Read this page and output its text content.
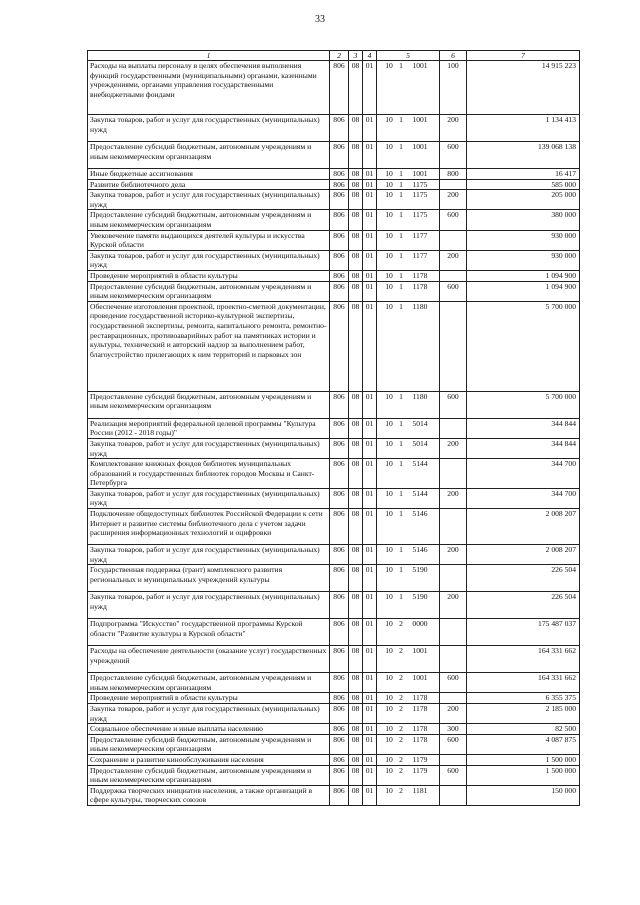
33
1	2	3	4	5	6	7
Расходы на выплаты персоналу в целях обеспечения выполнения функций государственными (муниципальными) органами, казенными учреждениями, органами управления государственными внебюджетными фондами	806	08	01	10 1 1001	100	14 915 223
Закупка товаров, работ и услуг для государственных (муниципальных) нужд	806	08	01	10 1 1001	200	1 134 413
Предоставление субсидий бюджетным, автономным учреждениям и иным некоммерческим организациям	806	08	01	10 1 1001	600	139 068 138
Иные бюджетные ассигнования	806	08	01	10 1 1001	800	16 417
Развитие библиотечного дела	806	08	01	10 1 1175		585 000
Закупка товаров, работ и услуг для государственных (муниципальных) нужд	806	08	01	10 1 1175	200	205 000
Предоставление субсидий бюджетным, автономным учреждениям и иным некоммерческим организациям	806	08	01	10 1 1175	600	380 000
Увековечение памяти выдающихся деятелей культуры и искусства Курской области	806	08	01	10 1 1177		930 000
Закупка товаров, работ и услуг для государственных (муниципальных) нужд	806	08	01	10 1 1177	200	930 000
Проведение мероприятий в области культуры	806	08	01	10 1 1178		1 094 900
Предоставление субсидий бюджетным, автономным учреждениям и иным некоммерческим организациям	806	08	01	10 1 1178	600	1 094 900
Обеспечение изготовления проектной, проектно-сметной документации, проведение государственной историко-культурной экспертизы, государственной экспертизы, ремонта, капитального ремонта, ремонтно-реставрационных, противоаварийных работ на памятниках истории и культуры, технический и авторский надзор за выполнением работ, благоустройство прилегающих к ним территорий и парковых зон	806	08	01	10 1 1180		5 700 000
Предоставление субсидий бюджетным, автономным учреждениям и иным некоммерческим организациям	806	08	01	10 1 1180	600	5 700 000
Реализация мероприятий федеральной целевой программы "Культура России (2012 - 2018 годы)"	806	08	01	10 1 5014		344 844
Закупка товаров, работ и услуг для государственных (муниципальных) нужд	806	08	01	10 1 5014	200	344 844
Комплектование книжных фондов библиотек муниципальных образований и государственных библиотек городов Москвы и Санкт-Петербурга	806	08	01	10 1 5144		344 700
Закупка товаров, работ и услуг для государственных (муниципальных) нужд	806	08	01	10 1 5144	200	344 700
Подключение общедоступных библиотек Российской Федерации к сети Интернет и развитие системы библиотечного дела с учетом задачи расширения информационных технологий и оцифровки	806	08	01	10 1 5146		2 008 207
Закупка товаров, работ и услуг для государственных (муниципальных) нужд	806	08	01	10 1 5146	200	2 008 207
Государственная поддержка (грант) комплексного развития региональных и муниципальных учреждений культуры	806	08	01	10 1 5190		226 504
Закупка товаров, работ и услуг для государственных (муниципальных) нужд	806	08	01	10 1 5190	200	226 504
Подпрограмма "Искусство" государственной программы Курской области "Развитие культуры в Курской области"	806	08	01	10 2 0000		175 487 037
Расходы на обеспечение деятельности (оказание услуг) государственных учреждений	806	08	01	10 2 1001		164 331 662
Предоставление субсидий бюджетным, автономным учреждениям и иным некоммерческим организациям	806	08	01	10 2 1001	600	164 331 662
Проведение мероприятий в области культуры	806	08	01	10 2 1178		6 355 375
Закупка товаров, работ и услуг для государственных (муниципальных) нужд	806	08	01	10 2 1178	200	2 185 000
Социальное обеспечение и иные выплаты населению	806	08	01	10 2 1178	300	82 500
Предоставление субсидий бюджетным, автономным учреждениям и иным некоммерческим организациям	806	08	01	10 2 1178	600	4 087 875
Сохранение и развитие кинообслуживания населения	806	08	01	10 2 1179		1 500 000
Предоставление субсидий бюджетным, автономным учреждениям и иным некоммерческим организациям	806	08	01	10 2 1179	600	1 500 000
Поддержка творческих инициатив населения, а также организаций в сфере культуры, творческих союзов	806	08	01	10 2 1181		150 000
